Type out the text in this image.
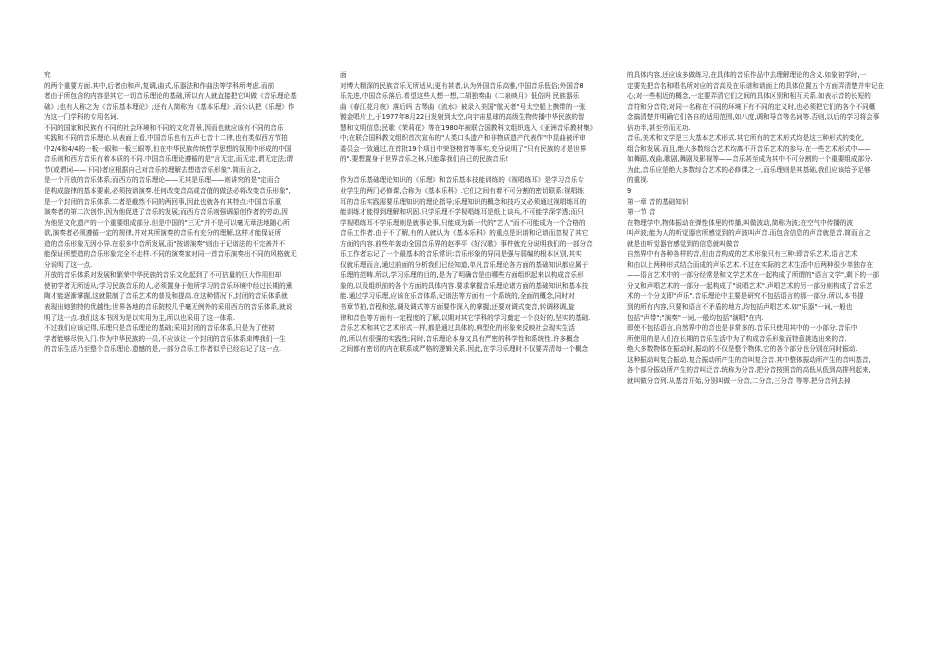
究
的两个重要方面.其中,后者由和声,复调,曲式,乐器法和作曲法等学科所考虑.而前
者由于所包含的内容是其它一切音乐理论的基础,所以有人就直接把它叫做《音乐理论基
础》;也有人称之为《音乐基本理论》;还有人简称为《基本乐理》,而公认把《乐理》作
为这一门学科的专用名词.
不同的国家和民族有不同的社会环境和不同的文化背景,因而也就应该有不同的音乐
实践和不同的音乐理论.从表面上看,中国音乐也有五声七音十二律,也有类似西方节拍
中2/4和4/4的一板一眼和一板三眼等,但在中华民族传统哲学思想的氛围中形成的中国
音乐则和西方音乐有着本质的不同.中国音乐理论遵循的是"言无定,而无定,谓无定法;谓
节(或谓词——下同)者应根据自己对音乐的理解去想造音乐形象".简而言之,
是一个开放的音乐体系;而西方的音乐理论——无其是乐理——则讲究的是"定而合
是构成旋律的基本要素,必须按谱演奏.任何改变音高或音值的做法必将改变音乐形象",
是一个封闭的音乐体系.二者是截然不同的两回事,因此也就各有其特点:中国音乐重
演奏者的第二次创作,因为他促进了音乐的发展;而西方音乐则强调原创作者的劳动,因
为他是文化遗产的一个重要组成部分.但是中国的"三无"并不是可以毫无章法地随心所
欲,演奏者必须遵循一定的规律,并对其所演奏的音乐有充分的理解,这样才能保证所
造的音乐形象无因小异.在很多中音所发展,而"按谱演奏"则由于记谱法的不完善并不
能保证所塑造的音乐形象完全不走样.不同的演奏家对同一首音乐演奏出不同的风格就无
分说明了这一点.
开放的音乐体系对发展和繁荣中华民族的音乐文化起到了不可估量的巨大作用但却
使初学者无所适从;学习民族音乐的人,必须置身于他所学习的音乐环境中经过长期的熏
陶才能逐渐掌握,这就限制了音乐艺术的普及和提高.在这种情况下,封闭的音乐体系就
表现出她独特的优越性;世界各地的音乐院校几乎毫无例外的采用西方的音乐体系,就说
明了这一点.我们这本书因为是以实用为主,所以也采用了这一体系.
不过我们应该记得,乐理只是音乐理论的基础;采用封闭的音乐体系,只是为了使初
学者能够尽快入门.作为中华民族的一员,不应该让一个封闭的音乐体系束缚我们一生
的音乐生活乃至整个音乐理论.遗憾的是,一部分音乐工作者似乎已经忘记了这一点.
面
对博大精深的民族音乐无所适从;更有甚者,认为外国音乐高雅,中国音乐低俗;外国音8
乐先进,中国音乐落后.希望这些人想一想,二胡独奏曲《二泉映月》低俗吗 民族器乐
曲《春江花月夜》落后吗 古琴曲《流水》被录入美国"航天者"号太空船上携带的一张
镀金唱片上,于1977年8月22日发射到太空,向宇宙星球的高级生物传播中华民族的智
慧和文明信息;民歌《茉莉花》等在1980年被联合国教科文组织选入《亚洲音乐教材集》
中;在联合国科教文组织首次宣布的"人类口头遗产和非物质遗产代表作"中昆曲被评审
委员会一致通过,在首批19个项目中荣登榜首等事实,充分说明了"只有民族的才是世界
的".要想置身于世界音乐之林,只能靠我们自己的民族音乐!
作为音乐基础理论知识的《乐理》和音乐基本技能训练的《视唱练耳》是学习音乐专
业学生的两门必修课,合称为《基本乐科》.它们之间有着不可分割的密切联系:视唱练
耳的音乐实践需要乐理知识的理论指导;乐理知识的概念和技巧又必须通过视唱练耳的
能训练才能得到理解和巩固.只学乐理不学视唱练耳是纸上谈兵,不可能学深学透;而只
学视唱练耳不学乐理则是就事论事,只能成为新一代的"艺人"而不可能成为一个合格的
音乐工作者.由于不了解,有的人就认为《基本乐科》的重点是识谱和记谱而忽视了其它
方面的内容.前些年轰动全国音乐界的赵季平《好汉歌》事件就充分说明我们的一部分音
乐工作者忘记了一个最基本的音乐常识:音乐形象的异同是强与弱编的根本区别,其实
仅就乐理而言,通过前面的分析我们已经知道,单凡音乐理论各方面的基础知识都应属于
乐理的范畴.所以,学习乐理的目的,是为了明确音是由哪些方面组织起来以构成音乐形
象的,以及组织前的各个方面的具体内容.要求掌握音乐理论诸方面的基础知识和基本技
能.通过学习乐理,应该在乐音体系,记谱法等方面有一个系统的,全面的概念,同时对
书章节拍,音程和弦,调及调式等方面要作深入的掌握;还要对调式变音,转调移调,旋
律和音色等方面有一定程度的了解,以期对其它学科的学习奠定一个良好的,坚实的基础.
音乐艺术和其它艺术形式一样,都是通过具体的,典型化的形象来反映社会现实生活
的,所以有很强的实践性;同时,音乐理论本身又具有严密的科学性和系统性.许多概念
之间都有密切的内在联系或严格的逻辑关系.因此,在学习乐理时不仅要弄清每一个概念
的具体内容,还应该多做练习,在具体的音乐作品中去理解理论的含义.如象初学时,一
定要先把音名和唱名所对应的音高及在乐谱和谱面上的具体位置五个方面弄清楚并牢记在
心;对一些相近的概念,一定要弄清它们之间的具体区别和相互关系.如表示音的长短的
音符和分音符;对同一名称在不同的环境下有不同的定义时,也必须把它们的各个不同概
念搞清楚并明确它们各自的适用范围,如八度,调和导音等名词等.否则,以后的学习将会事
倍功半,甚至劳而无功.
音乐,美术和文学是三大基本艺术形式.其它所有的艺术形式均是这三种形式的变化,
组合和发展.而且,绝大多数综合艺术均离不开音乐艺术的参与.在一些艺术形式中——
如舞蹈,戏曲,歌剧,舞剧及影视等——音乐甚至成为其中不可分割的一个重要组成部分.
为此,音乐应是绝大多数综合艺术的必修课之一,而乐理则是其基础,我们应该给予足够
的重视.
9
第一章 音的基础知识
第一节 音
在物理学中,物体振动在弹性体里的传播,叫做波动,简称为波;在空气中传播的波
叫声波;能为人的听觉器官所感觉到的声波叫声音.而包含信息的声音就是音.简而言之
就是由听觉器官感觉到的信息就叫做音
自然界中有各种各样的音,但由音构成的艺术形象只有三种:即音乐艺术,语言艺术
和由以上两种形式结合而成的声乐艺术.不过在实际的艺术生活中后两种很少单独存在
——语言艺术中的一部分经常是和文学艺术在一起构成了所谓的"语言文学",剩下的一部
分又和声唱艺术的一部分一起构成了"说唱艺术".声唱艺术的另一部分则构成了音乐艺
术的一个分支即"声乐".音乐理论中主要是研究不包括语言的那一部分.所以,本书提
到的所有内容,只要和语言不矛盾的地方,均包括声唱艺术.如"乐器"一词,一般也
包括"声带";"演奏"一词,一般均包括"演唱"在内.
即使不包括语言,自然界中的音也是非常多的.音乐只使用其中的一小部分.音乐中
所使用的是人们在长期的音乐生活中为了构成音乐形象而特意挑选出来的音.
绝大多数物体在振动时,振动的不仅是整个物体,它的各个部分也分别在同时振动.
这种振动叫复合振动.复合振动所产生的音叫复合音.其中整体振动所产生的音叫基音,
各个部分振动所产生的音叫泛音.统称为分音.把分音按照音的高低从低到高排列起来,
就叫做分音列.从基音开始,分别叫做一分音,二分音,三分音 等等.把分音列去掉
